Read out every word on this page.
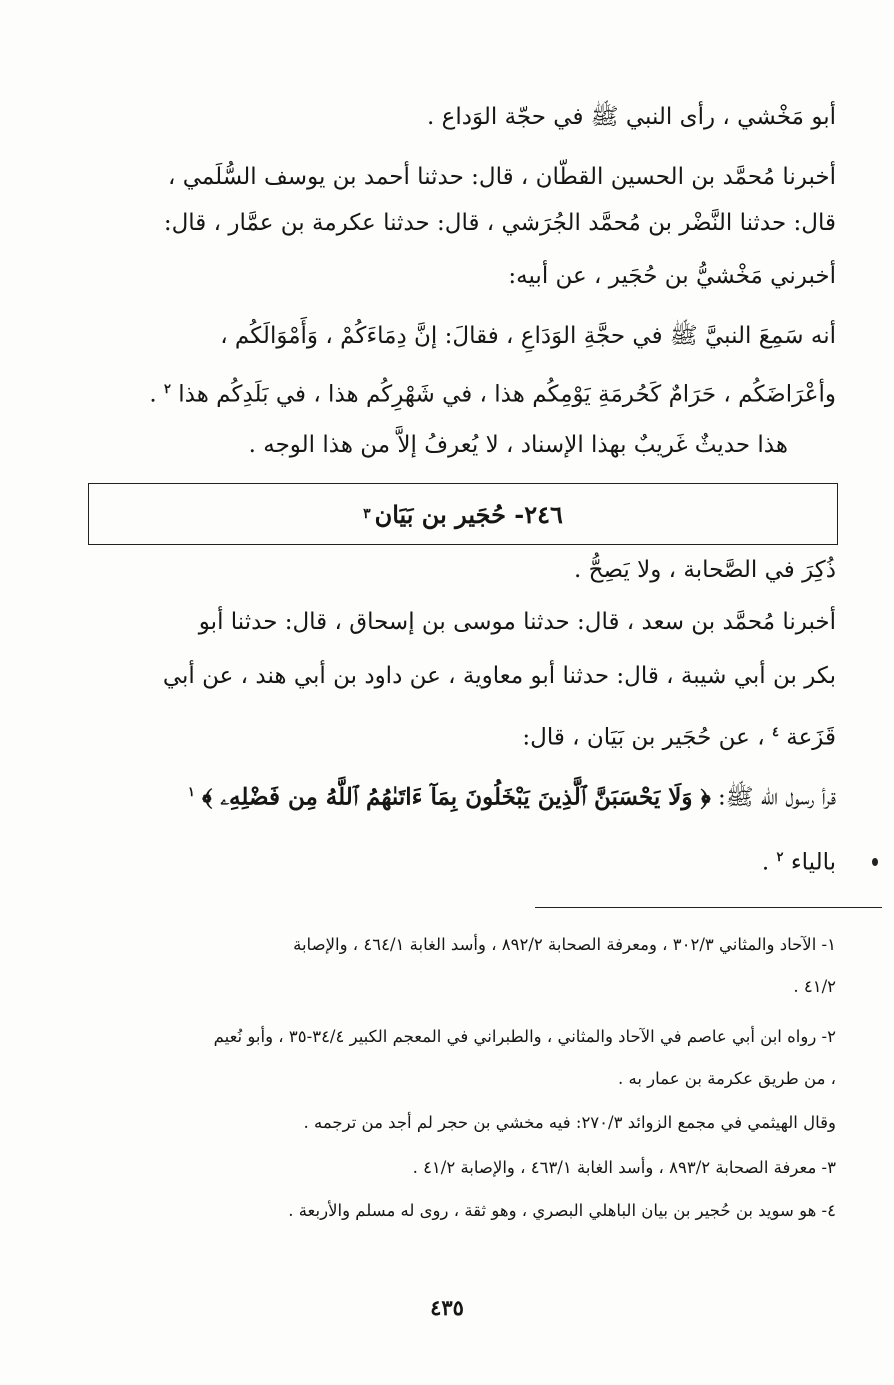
أبو مَخْشي ، رأى النبي ﷺ في حجّة الوَداع .
أخبرنا مُحمَّد بن الحسين القطّان ، قال: حدثنا أحمد بن يوسف السُّلَمي ،
قال: حدثنا النَّضْر بن مُحمَّد الجُرَشي ، قال: حدثنا عكرمة بن عمَّار ، قال:
أخبرني مَخْشيُّ بن حُجَير ، عن أبيه:
أنه سَمِعَ النبيَّ ﷺ في حجَّةِ الوَدَاعِ ، فقالَ: إنَّ دِمَاءَكُمْ ، وَأَمْوَالَكُم ،
وأعْرَاضَكُم ، حَرَامٌ كَحُرمَةِ يَوْمِكُم هذا ، في شَهْرِكُم هذا ، في بَلَدِكُم هذا $^٢$ .
هذا حديثٌ غَريبٌ بهذا الإسناد ، لا يُعرفُ إلاَّ من هذا الوجه .
٢٤٦- حُجَير بن بَيَان
٣
ذُكِرَ في الصَّحابة ، ولا يَصِحُّ .
أخبرنا مُحمَّد بن سعد ، قال: حدثنا موسى بن إسحاق ، قال: حدثنا أبو
بكر بن أبي شيبة ، قال: حدثنا أبو معاوية ، عن داود بن أبي هند ، عن أبي
قَزَعة $^٤$ ، عن حُجَير بن بَيَان ، قال:
قرأ رسول الله ﷺ: ﴿ وَلَا يَحْسَبَنَّ ٱلَّذِينَ يَبْخَلُونَ بِمَآ ءَاتَىٰهُمُ ٱللَّهُ مِن فَضْلِهِۦ ﴾ $^١$
بالياء $^٢$ .
١- الآحاد والمثاني ٣٠٢/٣ ، ومعرفة الصحابة ٨٩٢/٢ ، وأسد الغابة ٤٦٤/١ ، والإصابة
٤١/٢ .
٢- رواه ابن أبي عاصم في الآحاد والمثاني ، والطبراني في المعجم الكبير ٣٤/٤-٣٥ ، وأبو نُعيم
، من طريق عكرمة بن عمار به .
وقال الهيثمي في مجمع الزوائد ٢٧٠/٣: فيه مخشي بن حجر لم أجد من ترجمه .
٣- معرفة الصحابة ٨٩٣/٢ ، وأسد الغابة ٤٦٣/١ ، والإصابة ٤١/٢ .
٤- هو سويد بن حُجير بن بيان الباهلي البصري ، وهو ثقة ، روى له مسلم والأربعة .
٤٣٥
